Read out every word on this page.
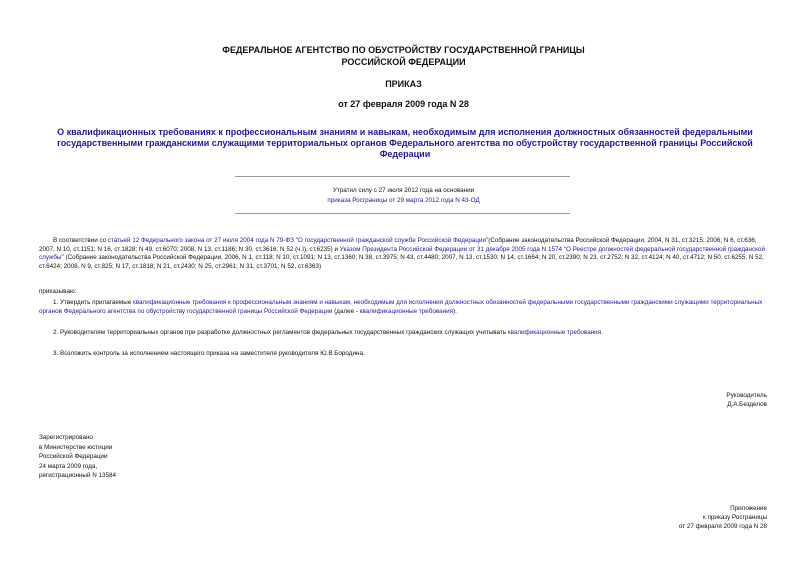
ФЕДЕРАЛЬНОЕ АГЕНТСТВО ПО ОБУСТРОЙСТВУ ГОСУДАРСТВЕННОЙ ГРАНИЦЫ
РОССИЙСКОЙ ФЕДЕРАЦИИ
ПРИКАЗ
от 27 февраля 2009 года N 28
О квалификационных требованиях к профессиональным знаниям и навыкам, необходимым для исполнения должностных обязанностей федеральными государственными гражданскими служащими территориальных органов Федерального агентства по обустройству государственной границы Российской Федерации
Утратил силу с 27 июля 2012 года на основании
приказа Росграницы от 29 марта 2012 года N 43-ОД
В соответствии со статьей 12 Федерального закона от 27 июля 2004 года N 79-ФЗ "О государственной гражданской службе Российской Федерации"(Собрание законодательства Российской Федерации, 2004, N 31, ст.3215; 2006, N 6, ст.636; 2007, N 10, ст.1151; N 16, ст.1828; N 49, ст.6070; 2008, N 13, ст.1186; N 30, ст.3616; N 52 (ч.I), ст.6235) и Указом Президента Российской Федерации от 31 декабря 2005 года N 1574 "О Реестре должностей федеральной государственной гражданской службы" (Собрание законодательства Российской Федерации, 2006, N 1, ст.118; N 10, ст.1091; N 13, ст.1360; N 38, ст.3975; N 43, ст.4480; 2007, N 13, ст.1530; N 14, ст.1664; N 20, ст.2390; N 23, ст.2752; N 32, ст.4124; N 40, ст.4712; N 50, ст.6255; N 52, ст.6424; 2008, N 9, ст.825; N 17, ст.1818; N 21, ст.2430; N 25, ст.2961; N 31, ст.3701; N 52, ст.6363)
приказываю:
1. Утвердить прилагаемые квалификационные требования к профессиональным знаниям и навыкам, необходимым для исполнения должностных обязанностей федеральными государственными гражданскими служащими территориальных органов Федерального агентства по обустройству государственной границы Российской Федерации (далее - квалификационные требования).
2. Руководителям территориальных органов при разработке должностных регламентов федеральных государственных гражданских служащих учитывать квалификационные требования.
3. Возложить контроль за исполнением настоящего приказа на заместителя руководителя Ю.В.Бородина.
Руководитель
Д.А.Безделов
Зарегистрировано
в Министерстве юстиции
Российской Федерации
24 марта 2009 года,
регистрационный N 13584
Приложение
к приказу Росграницы
от 27 февраля 2009 года N 28
